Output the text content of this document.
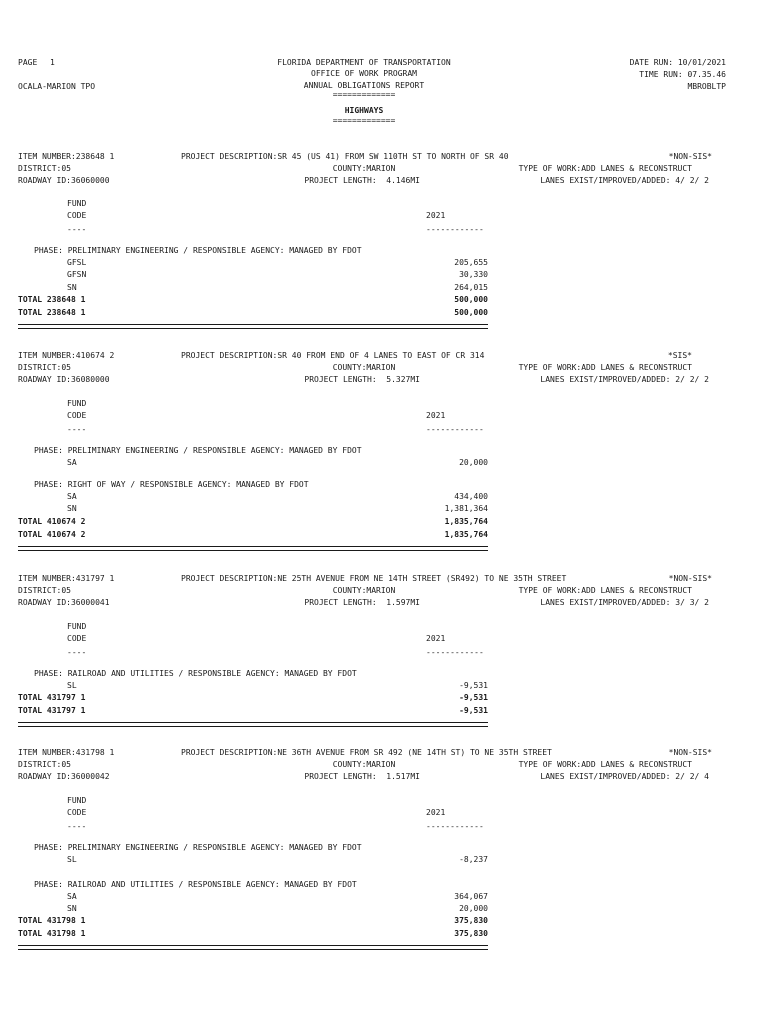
PAGE 1
OCALA-MARION TPO
FLORIDA DEPARTMENT OF TRANSPORTATION
OFFICE OF WORK PROGRAM
ANNUAL OBLIGATIONS REPORT
=============
HIGHWAYS
=============
DATE RUN: 10/01/2021
TIME RUN: 07.35.46
MBROBLTP
ITEM NUMBER:238648 1
DISTRICT:05
ROADWAY ID:36060000
PROJECT DESCRIPTION:SR 45 (US 41) FROM SW 110TH ST TO NORTH OF SR 40
COUNTY:MARION
PROJECT LENGTH:  4.146MI
*NON-SIS*
TYPE OF WORK:ADD LANES & RECONSTRUCT
LANES EXIST/IMPROVED/ADDED: 4/ 2/ 2
FUND
CODE
----
2021
------------
PHASE: PRELIMINARY ENGINEERING / RESPONSIBLE AGENCY: MANAGED BY FDOT
GFSL	205,655
GFSN	30,330
SN	264,015
TOTAL 238648 1	500,000
TOTAL 238648 1	500,000
ITEM NUMBER:410674 2
DISTRICT:05
ROADWAY ID:36080000
PROJECT DESCRIPTION:SR 40 FROM END OF 4 LANES TO EAST OF CR 314
COUNTY:MARION
PROJECT LENGTH:  5.327MI
*SIS*
TYPE OF WORK:ADD LANES & RECONSTRUCT
LANES EXIST/IMPROVED/ADDED: 2/ 2/ 2
FUND
CODE
----
2021
------------
PHASE: PRELIMINARY ENGINEERING / RESPONSIBLE AGENCY: MANAGED BY FDOT
SA	20,000
PHASE: RIGHT OF WAY / RESPONSIBLE AGENCY: MANAGED BY FDOT
SA	434,400
SN	1,381,364
TOTAL 410674 2	1,835,764
TOTAL 410674 2	1,835,764
ITEM NUMBER:431797 1
DISTRICT:05
ROADWAY ID:36000041
PROJECT DESCRIPTION:NE 25TH AVENUE FROM NE 14TH STREET (SR492) TO NE 35TH STREET
COUNTY:MARION
PROJECT LENGTH:  1.597MI
*NON-SIS*
TYPE OF WORK:ADD LANES & RECONSTRUCT
LANES EXIST/IMPROVED/ADDED: 3/ 3/ 2
FUND
CODE
----
2021
------------
PHASE: RAILROAD AND UTILITIES / RESPONSIBLE AGENCY: MANAGED BY FDOT
SL	-9,531
TOTAL 431797 1	-9,531
TOTAL 431797 1	-9,531
ITEM NUMBER:431798 1
DISTRICT:05
ROADWAY ID:36000042
PROJECT DESCRIPTION:NE 36TH AVENUE FROM SR 492 (NE 14TH ST) TO NE 35TH STREET
COUNTY:MARION
PROJECT LENGTH:  1.517MI
*NON-SIS*
TYPE OF WORK:ADD LANES & RECONSTRUCT
LANES EXIST/IMPROVED/ADDED: 2/ 2/ 4
FUND
CODE
----
2021
------------
PHASE: PRELIMINARY ENGINEERING / RESPONSIBLE AGENCY: MANAGED BY FDOT
SL	-8,237
PHASE: RAILROAD AND UTILITIES / RESPONSIBLE AGENCY: MANAGED BY FDOT
SA	364,067
SN	20,000
TOTAL 431798 1	375,830
TOTAL 431798 1	375,830
